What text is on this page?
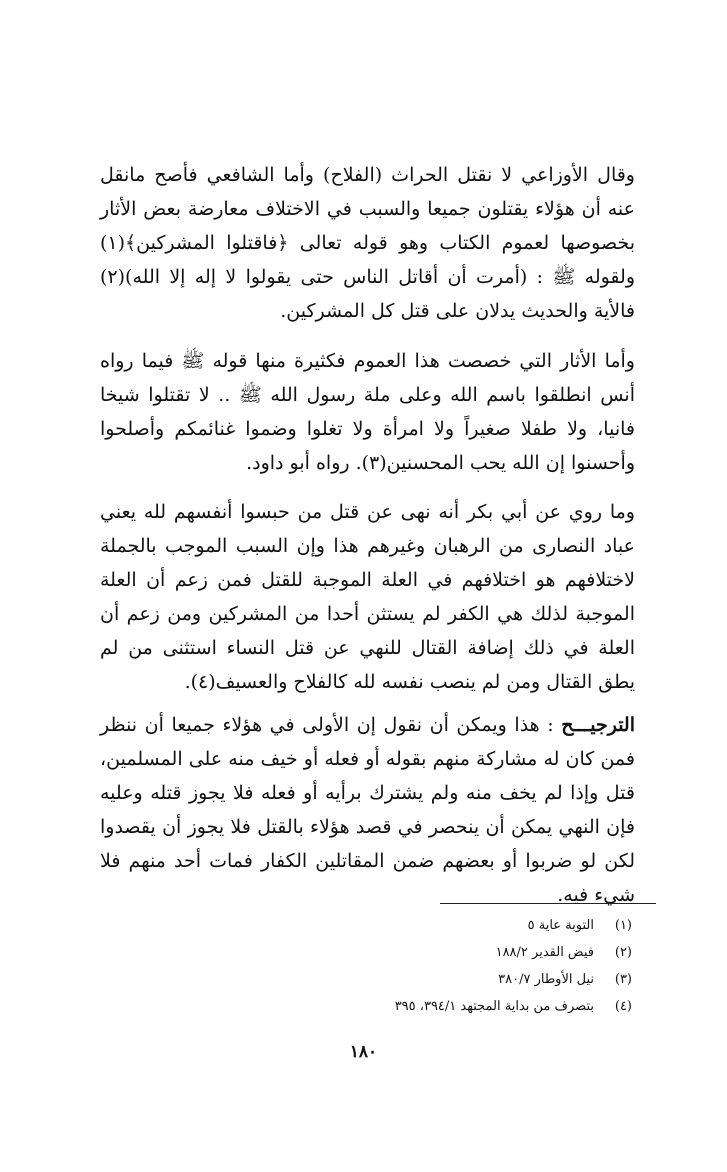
وقال الأوزاعي لا نقتل الحراث (الفلاح) وأما الشافعي فأصح مانقل عنه أن هؤلاء يقتلون جميعا والسبب في الاختلاف معارضة بعض الأثار بخصوصها لعموم الكتاب وهو قوله تعالى ﴿فاقتلوا المشركين﴾(١) ولقوله ﷺ : (أمرت أن أقاتل الناس حتى يقولوا لا إله إلا الله)(٢) فالأية والحديث يدلان على قتل كل المشركين.

وأما الأثار التي خصصت هذا العموم فكثيرة منها قوله ﷺ فيما رواه أنس انطلقوا باسم الله وعلى ملة رسول الله ﷺ .. لا تقتلوا شيخا فانيا، ولا طفلا صغيراً ولا امرأة ولا تغلوا وضموا غنائمكم وأصلحوا وأحسنوا إن الله يحب المحسنين(٣). رواه أبو داود.

وما روي عن أبي بكر أنه نهى عن قتل من حبسوا أنفسهم لله يعني عباد النصارى من الرهبان وغيرهم هذا وإن السبب الموجب بالجملة لاختلافهم هو اختلافهم في العلة الموجبة للقتل فمن زعم أن العلة الموجبة لذلك هي الكفر لم يستثن أحدا من المشركين ومن زعم أن العلة في ذلك إضافة القتال للنهي عن قتل النساء استثنى من لم يطق القتال ومن لم ينصب نفسه لله كالفلاح والعسيف(٤).

الترجيـــح : هذا ويمكن أن نقول إن الأولى في هؤلاء جميعا أن ننظر فمن كان له مشاركة منهم بقوله أو فعله أو خيف منه على المسلمين، قتل وإذا لم يخف منه ولم يشترك برأيه أو فعله فلا يجوز قتله وعليه فإن النهي يمكن أن ينحصر في قصد هؤلاء بالقتل فلا يجوز أن يقصدوا لكن لو ضربوا أو بعضهم ضمن المقاتلين الكفار فمات أحد منهم فلا شيء فيه.

(١)
التوبة عاية ٥
(٢)
فيض القدير ١٨٨/٢
(٣)
نيل الأوطار ٣٨٠/٧
(٤)
بتصرف من بداية المجتهد ٣٩٤/١، ٣٩٥
١٨٠
